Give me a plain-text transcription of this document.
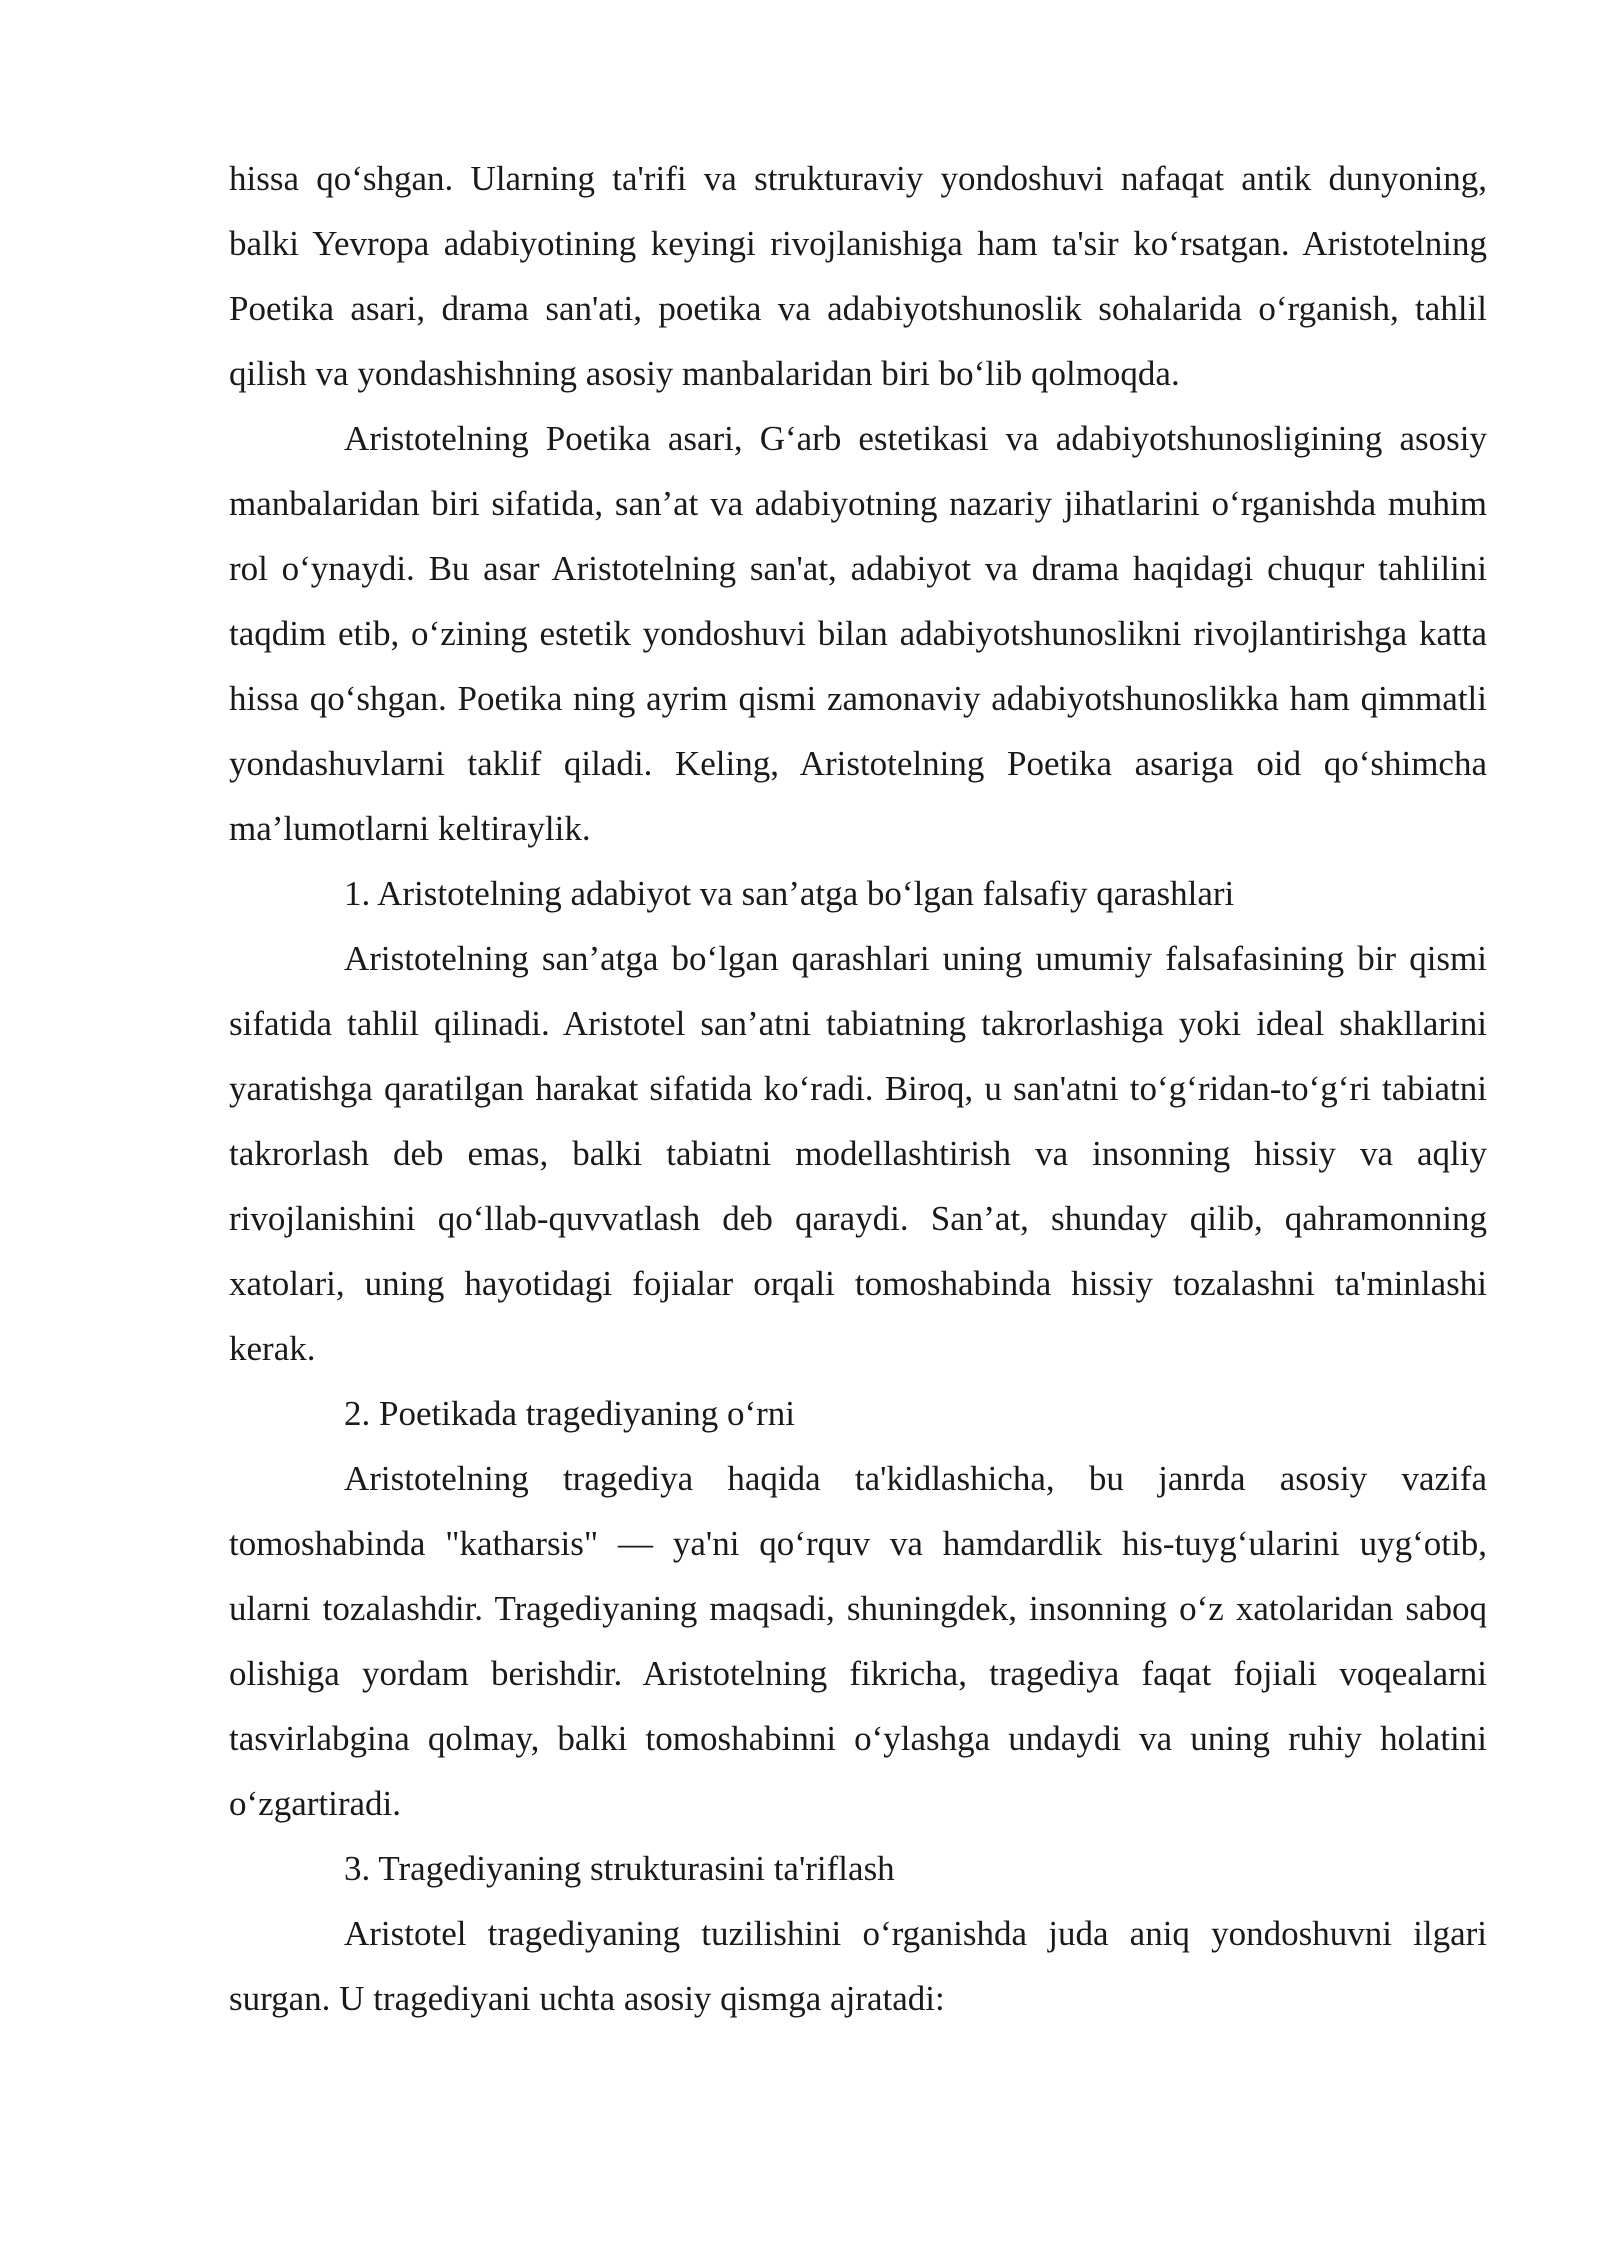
hissa qo‘shgan. Ularning ta'rifi va strukturaviy yondoshuvi nafaqat antik dunyoning, balki Yevropa adabiyotining keyingi rivojlanishiga ham ta'sir ko‘rsatgan. Aristotelning Poetika asari, drama san'ati, poetika va adabiyotshunoslik sohalarida o‘rganish, tahlil qilish va yondashishning asosiy manbalaridan biri bo‘lib qolmoqda.

Aristotelning Poetika asari, G‘arb estetikasi va adabiyotshunosligining asosiy manbalaridan biri sifatida, san’at va adabiyotning nazariy jihatlarini o‘rganishda muhim rol o‘ynaydi. Bu asar Aristotelning san'at, adabiyot va drama haqidagi chuqur tahlilini taqdim etib, o‘zining estetik yondoshuvi bilan adabiyotshunoslikni rivojlantirishga katta hissa qo‘shgan. Poetika ning ayrim qismi zamonaviy adabiyotshunoslikka ham qimmatli yondashuvlarni taklif qiladi. Keling, Aristotelning Poetika asariga oid qo‘shimcha ma’lumotlarni keltiraylik.

1. Aristotelning adabiyot va san’atga bo‘lgan falsafiy qarashlari

Aristotelning san’atga bo‘lgan qarashlari uning umumiy falsafasining bir qismi sifatida tahlil qilinadi. Aristotel san’atni tabiatning takrorlashiga yoki ideal shakllarini yaratishga qaratilgan harakat sifatida ko‘radi. Biroq, u san'atni to‘g‘ridan-to‘g‘ri tabiatni takrorlash deb emas, balki tabiatni modellashtirish va insonning hissiy va aqliy rivojlanishini qo‘llab-quvvatlash deb qaraydi. San’at, shunday qilib, qahramonning xatolari, uning hayotidagi fojialar orqali tomoshabinda hissiy tozalashni ta'minlashi kerak.

2. Poetikada tragediyaning o‘rni

Aristotelning tragediya haqida ta'kidlashicha, bu janrda asosiy vazifa tomoshabinda "katharsis" — ya'ni qo‘rquv va hamdardlik his-tuyg‘ularini uyg‘otib, ularni tozalashdir. Tragediyaning maqsadi, shuningdek, insonning o‘z xatolaridan saboq olishiga yordam berishdir. Aristotelning fikricha, tragediya faqat fojiali voqealarni tasvirlabgina qolmay, balki tomoshabinni o‘ylashga undaydi va uning ruhiy holatini o‘zgartiradi.

3. Tragediyaning strukturasini ta'riflash

Aristotel tragediyaning tuzilishini o‘rganishda juda aniq yondoshuvni ilgari surgan. U tragediyani uchta asosiy qismga ajratadi:
